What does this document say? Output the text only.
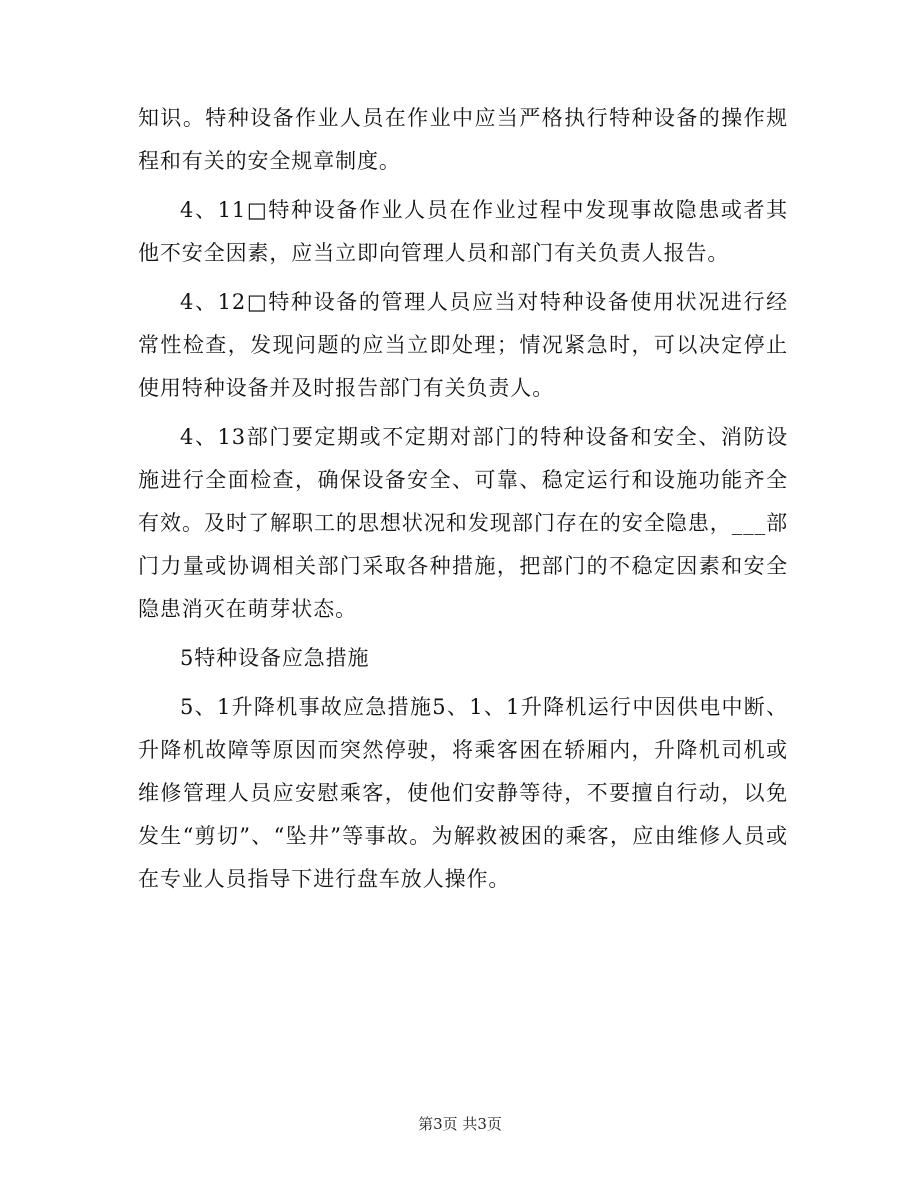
知识。特种设备作业人员在作业中应当严格执行特种设备的操作规程和有关的安全规章制度。

4、11□特种设备作业人员在作业过程中发现事故隐患或者其他不安全因素，应当立即向管理人员和部门有关负责人报告。

4、12□特种设备的管理人员应当对特种设备使用状况进行经常性检查，发现问题的应当立即处理；情况紧急时，可以决定停止使用特种设备并及时报告部门有关负责人。

4、13部门要定期或不定期对部门的特种设备和安全、消防设施进行全面检查，确保设备安全、可靠、稳定运行和设施功能齐全有效。及时了解职工的思想状况和发现部门存在的安全隐患，___部门力量或协调相关部门采取各种措施，把部门的不稳定因素和安全隐患消灭在萌芽状态。

5特种设备应急措施

5、1升降机事故应急措施5、1、1升降机运行中因供电中断、升降机故障等原因而突然停驶，将乘客困在轿厢内，升降机司机或维修管理人员应安慰乘客，使他们安静等待，不要擅自行动，以免发生“剪切”、“坠井”等事故。为解救被困的乘客，应由维修人员或在专业人员指导下进行盘车放人操作。

第3页 共3页
